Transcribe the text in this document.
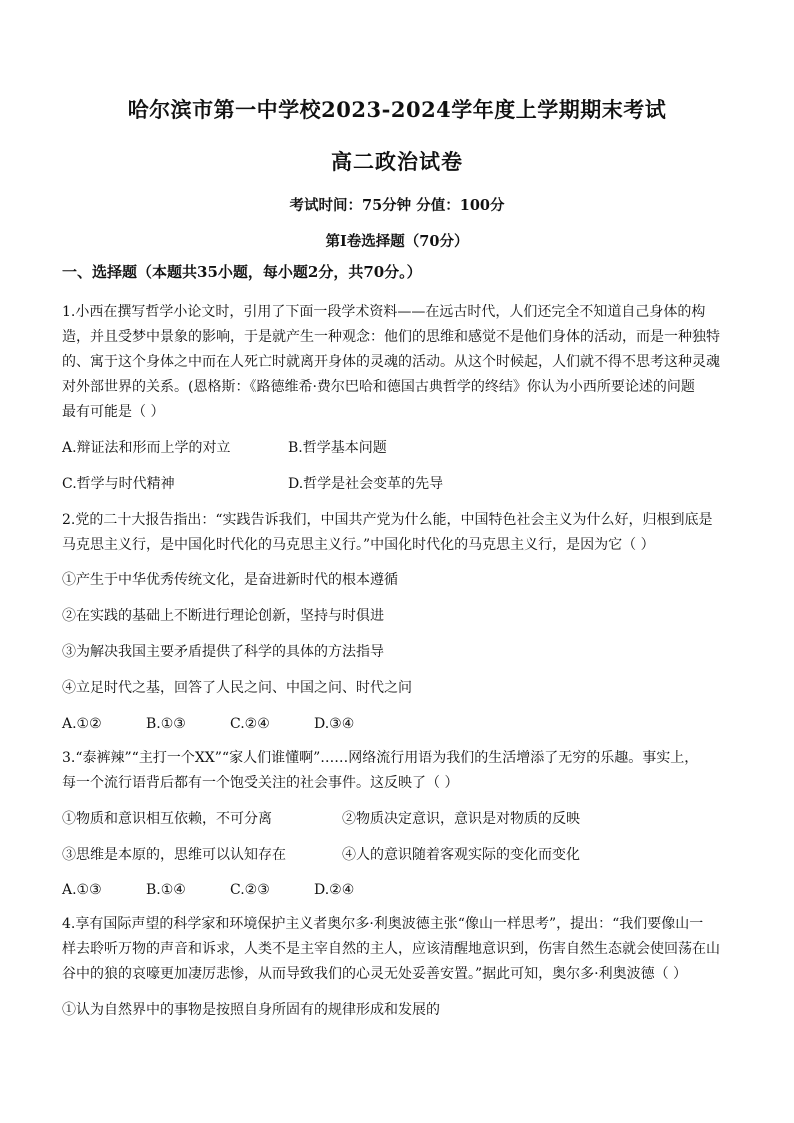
哈尔滨市第一中学校2023-2024学年度上学期期末考试
高二政治试卷
考试时间：75分钟 分值：100分
第I卷选择题（70分）
一、选择题（本题共35小题，每小题2分，共70分。）
1.小西在撰写哲学小论文时，引用了下面一段学术资料——在远古时代，人们还完全不知道自己身体的构
造，并且受梦中景象的影响，于是就产生一种观念：他们的思维和感觉不是他们身体的活动，而是一种独特
的、寓于这个身体之中而在人死亡时就离开身体的灵魂的活动。从这个时候起，人们就不得不思考这种灵魂
对外部世界的关系。(恩格斯：《路德维希·费尔巴哈和德国古典哲学的终结》你认为小西所要论述的问题
最有可能是（ ）
A.辩证法和形而上学的对立	B.哲学基本问题
C.哲学与时代精神	D.哲学是社会变革的先导
2.党的二十大报告指出：“实践告诉我们，中国共产党为什么能，中国特色社会主义为什么好，归根到底是
马克思主义行，是中国化时代化的马克思主义行。”中国化时代化的马克思主义行，是因为它（ ）
①产生于中华优秀传统文化，是奋进新时代的根本遵循
②在实践的基础上不断进行理论创新，坚持与时俱进
③为解决我国主要矛盾提供了科学的具体的方法指导
④立足时代之基，回答了人民之问、中国之问、时代之问
A.①②	B.①③	C.②④	D.③④
3.“泰裤辣”“主打一个XX”“家人们谁懂啊”……网络流行用语为我们的生活增添了无穷的乐趣。事实上，
每一个流行语背后都有一个饱受关注的社会事件。这反映了（ ）
①物质和意识相互依赖，不可分离	②物质决定意识，意识是对物质的反映
③思维是本原的，思维可以认知存在	④人的意识随着客观实际的变化而变化
A.①③	B.①④	C.②③	D.②④
4.享有国际声望的科学家和环境保护主义者奥尔多·利奥波德主张“像山一样思考”，提出：“我们要像山一
样去聆听万物的声音和诉求，人类不是主宰自然的主人，应该清醒地意识到，伤害自然生态就会使回荡在山
谷中的狼的哀嚎更加凄厉悲惨，从而导致我们的心灵无处妥善安置。”据此可知，奥尔多·利奥波德（ ）
①认为自然界中的事物是按照自身所固有的规律形成和发展的
